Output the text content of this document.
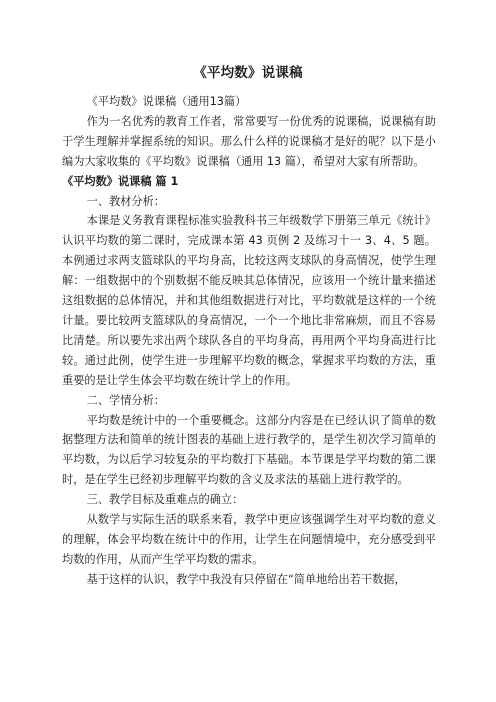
《平均数》说课稿

《平均数》说课稿（通用13篇）

作为一名优秀的教育工作者，常常要写一份优秀的说课稿，说课稿有助于学生理解并掌握系统的知识。那么什么样的说课稿才是好的呢？以下是小编为大家收集的《平均数》说课稿（通用 13 篇），希望对大家有所帮助。

《平均数》说课稿 篇 1

一、教材分析：

本课是义务教育课程标准实验教科书三年级数学下册第三单元《统计》认识平均数的第二课时，完成课本第 43 页例 2 及练习十一 3、4、5 题。本例通过求两支篮球队的平均身高，比较这两支球队的身高情况，使学生理解：一组数据中的个别数据不能反映其总体情况，应该用一个统计量来描述这组数据的总体情况，并和其他组数据进行对比，平均数就是这样的一个统计量。要比较两支篮球队的身高情况，一个一个地比非常麻烦，而且不容易比清楚。所以要先求出两个球队各自的平均身高，再用两个平均身高进行比较。通过此例，使学生进一步理解平均数的概念，掌握求平均数的方法，重重要的是让学生体会平均数在统计学上的作用。

二、学情分析：

平均数是统计中的一个重要概念。这部分内容是在已经认识了简单的数据整理方法和简单的统计图表的基础上进行教学的，是学生初次学习简单的平均数，为以后学习较复杂的平均数打下基础。本节课是学平均数的第二课时，是在学生已经初步理解平均数的含义及求法的基础上进行教学的。

三、教学目标及重难点的确立：

从数学与实际生活的联系来看，教学中更应该强调学生对平均数的意义的理解，体会平均数在统计中的作用，让学生在问题情境中，充分感受到平均数的作用，从而产生学平均数的需求。

基于这样的认识，教学中我没有只停留在“简单地给出若干数据，
